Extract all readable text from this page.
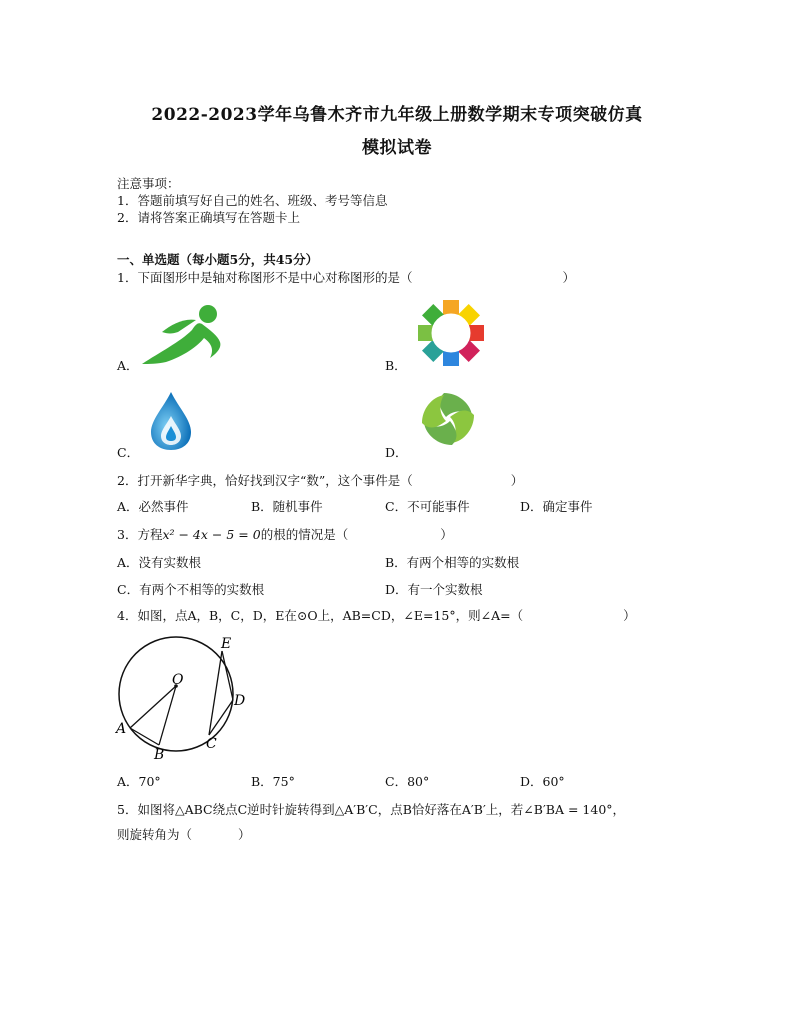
2022-2023学年乌鲁木齐市九年级上册数学期末专项突破仿真
模拟试卷
注意事项：
1．答题前填写好自己的姓名、班级、考号等信息
2．请将答案正确填写在答题卡上
一、单选题（每小题5分，共45分）
1．下面图形中是轴对称图形不是中心对称图形的是（	）
A．	B．
C．	D．
2．打开新华字典，恰好找到汉字“数”，这个事件是（	）
A．必然事件	B．随机事件	C．不可能事件	D．确定事件
3．方程x² − 4x − 5 = 0的根的情况是（	）
A．没有实数根	B．有两个相等的实数根
C．有两个不相等的实数根	D．有一个实数根
4．如图，点A，B，C，D，E在⊙O上，AB=CD，∠E=15°，则∠A=（	）
O
A
B
C
D
E
A．70°	B．75°	C．80°	D．60°
5．如图将△ABC绕点C逆时针旋转得到△A′B′C，点B恰好落在A′B′上，若∠B′BA = 140°，
则旋转角为（	）
